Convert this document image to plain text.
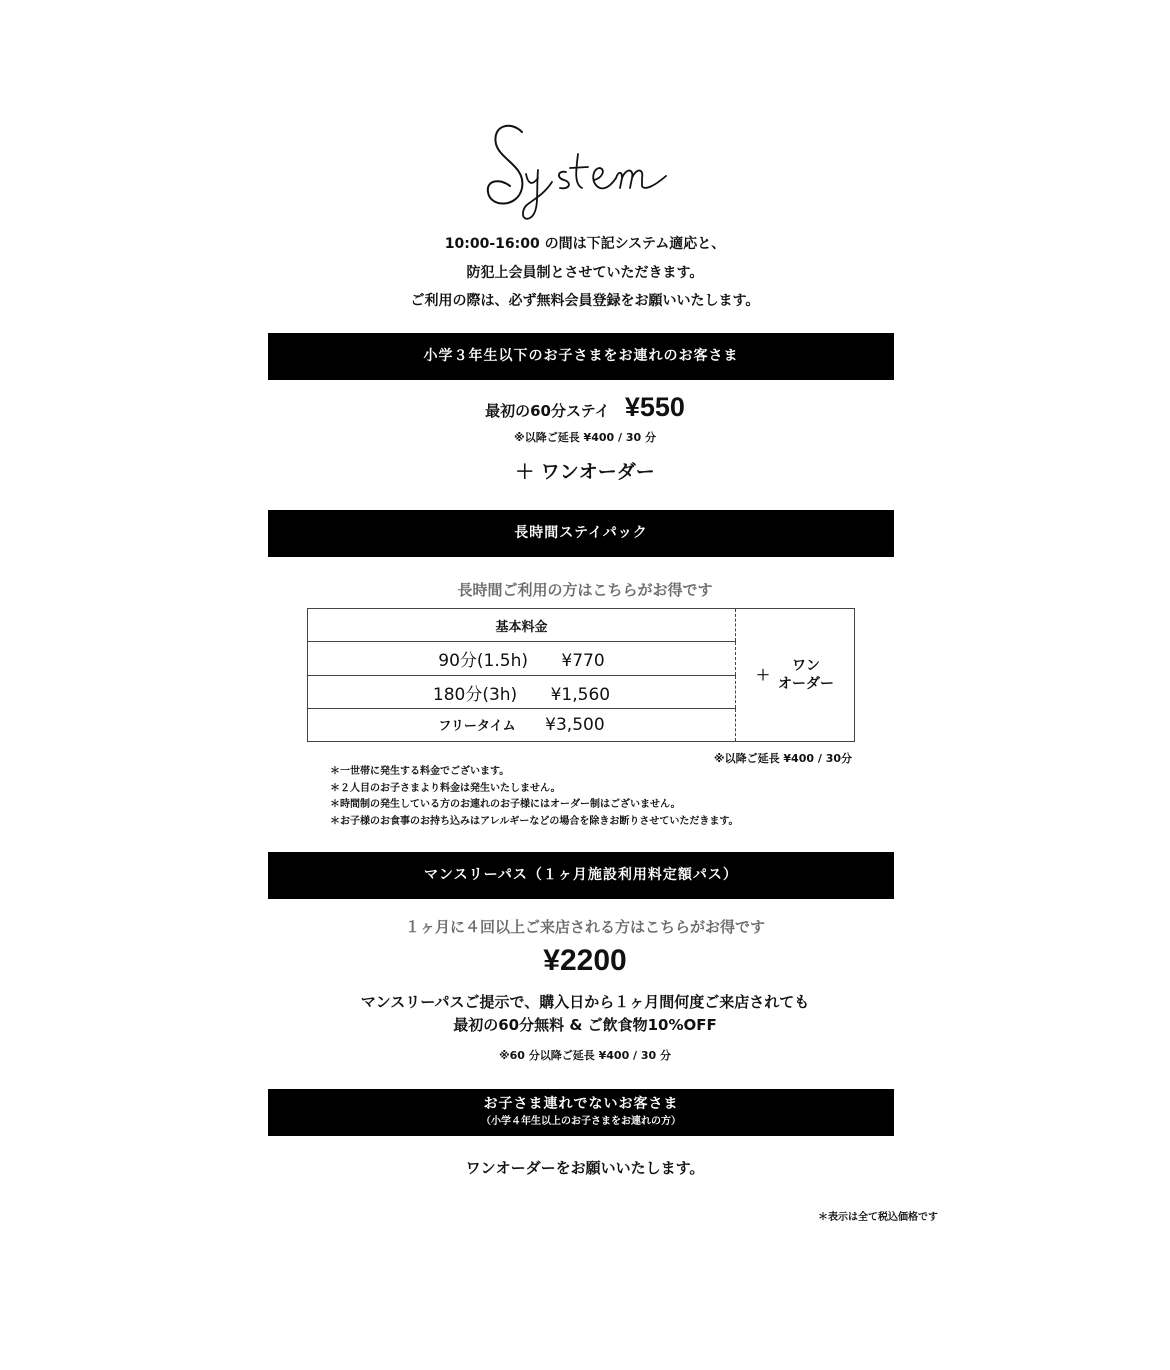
10:00-16:00 の間は下記システム適応と、
防犯上会員制とさせていただきます。
ご利用の際は、必ず無料会員登録をお願いいたします。
小学３年生以下のお子さまをお連れのお客さま
最初の60分ステイ ¥550
※以降ご延長 ¥400 / 30 分
＋ ワンオーダー
長時間ステイパック
長時間ご利用の方はこちらがお得です
基本料金	
＋
ワン
オーダー

90分(1.5h) ¥770
180分(3h) ¥1,560
フリータイム ¥3,500
※以降ご延長 ¥400 / 30分
＊一世帯に発生する料金でございます。
＊２人目のお子さまより料金は発生いたしません。
＊時間制の発生している方のお連れのお子様にはオーダー制はございません。
＊お子様のお食事のお持ち込みはアレルギーなどの場合を除きお断りさせていただきます。
マンスリーパス（１ヶ月施設利用料定額パス）
１ヶ月に４回以上ご来店される方はこちらがお得です
¥2200
マンスリーパスご提示で、購入日から１ヶ月間何度ご来店されても
最初の60分無料 & ご飲食物10%OFF
※60 分以降ご延長 ¥400 / 30 分
お子さま連れでないお客さま
（小学４年生以上のお子さまをお連れの方）
ワンオーダーをお願いいたします。
＊表示は全て税込価格です
